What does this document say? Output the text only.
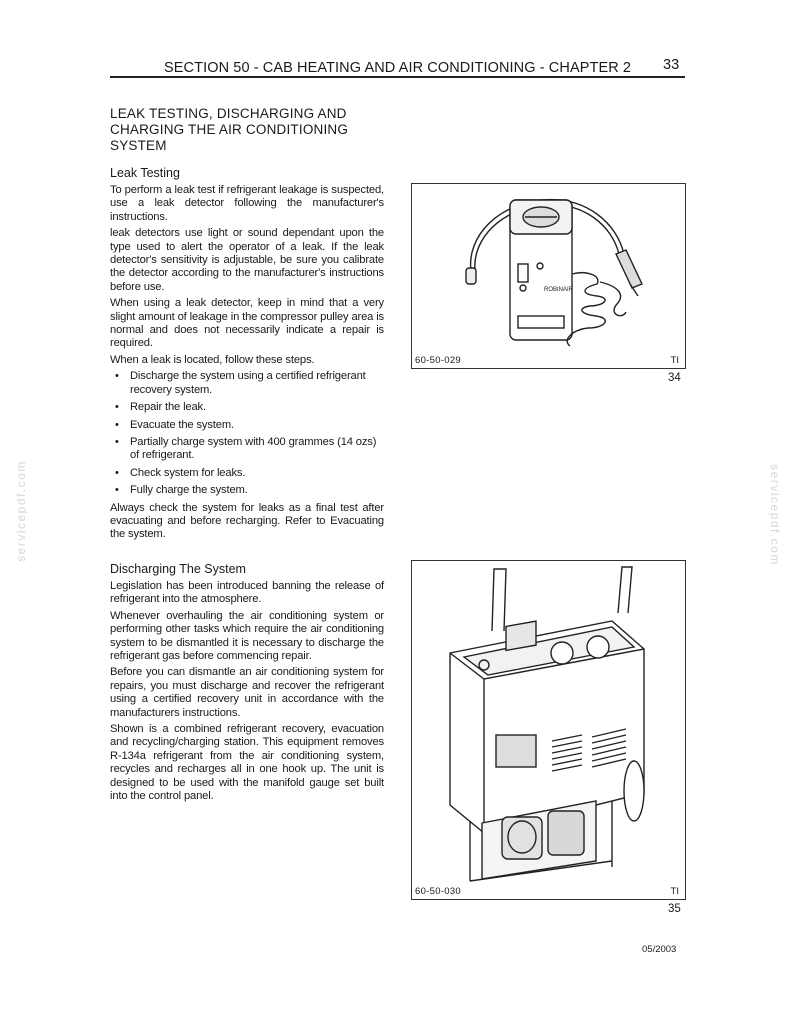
SECTION 50 - CAB HEATING AND AIR CONDITIONING - CHAPTER 2 33
LEAK TESTING, DISCHARGING AND
CHARGING THE AIR CONDITIONING
SYSTEM
Leak Testing

To perform a leak test if refrigerant leakage is suspected, use a leak detector following the manufacturer's instructions.

leak detectors use light or sound dependant upon the type used to alert the operator of a leak. If the leak detector's sensitivity is adjustable, be sure you calibrate the detector according to the manufacturer's instructions before use.

When using a leak detector, keep in mind that a very slight amount of leakage in the compressor pulley area is normal and does not necessarily indicate a repair is required.

When a leak is located, follow these steps.

• Discharge the system using a certified refrigerant recovery system.
• Repair the leak.
• Evacuate the system.
• Partially charge system with 400 grammes (14 ozs) of refrigerant.
• Check system for leaks.
• Fully charge the system.

Always check the system for leaks as a final test after evacuating and before recharging. Refer to Evacuating the system.

Discharging The System

Legislation has been introduced banning the release of refrigerant into the atmosphere.

Whenever overhauling the air conditioning system or performing other tasks which require the air conditioning system to be dismantled it is necessary to discharge the refrigerant gas before commencing repair.

Before you can dismantle an air conditioning system for repairs, you must discharge and recover the refrigerant using a certified recovery unit in accordance with the manufacturers instructions.

Shown is a combined refrigerant recovery, evacuation and recycling/charging station. This equipment removes R-134a refrigerant from the air conditioning system, recycles and recharges all in one hook up. The unit is designed to be used with the manifold gauge set built into the control panel.

ROBINAIR
60-50-029	TI
34
60-50-030	TI
35
servicepdf.com	servicepdf.com
05/2003
